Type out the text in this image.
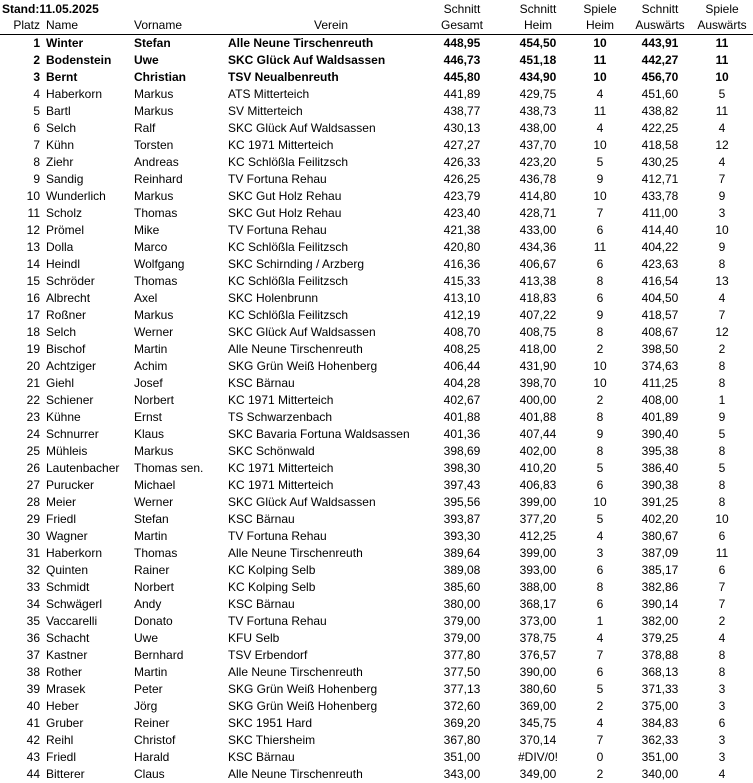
Stand:11.05.2025	Schnitt	Schnitt	Spiele	Schnitt	Spiele
Platz Name	Vorname	Verein	Gesamt	Heim	Heim	Auswärts	Auswärts
1 Winter	Stefan	Alle Neune Tirschenreuth	448,95	454,50	10	443,91	11
2 Bodenstein	Uwe	SKC Glück Auf Waldsassen	446,73	451,18	11	442,27	11
3 Bernt	Christian	TSV Neualbenreuth	445,80	434,90	10	456,70	10
4 Haberkorn	Markus	ATS Mitterteich	441,89	429,75	4	451,60	5
5 Bartl	Markus	SV Mitterteich	438,77	438,73	11	438,82	11
6 Selch	Ralf	SKC Glück Auf Waldsassen	430,13	438,00	4	422,25	4
7 Kühn	Torsten	KC 1971 Mitterteich	427,27	437,70	10	418,58	12
8 Ziehr	Andreas	KC Schlößla Feilitzsch	426,33	423,20	5	430,25	4
9 Sandig	Reinhard	TV Fortuna Rehau	426,25	436,78	9	412,71	7
10 Wunderlich	Markus	SKC Gut Holz Rehau	423,79	414,80	10	433,78	9
11 Scholz	Thomas	SKC Gut Holz Rehau	423,40	428,71	7	411,00	3
12 Prömel	Mike	TV Fortuna Rehau	421,38	433,00	6	414,40	10
13 Dolla	Marco	KC Schlößla Feilitzsch	420,80	434,36	11	404,22	9
14 Heindl	Wolfgang	SKC Schirnding / Arzberg	416,36	406,67	6	423,63	8
15 Schröder	Thomas	KC Schlößla Feilitzsch	415,33	413,38	8	416,54	13
16 Albrecht	Axel	SKC Holenbrunn	413,10	418,83	6	404,50	4
17 Roßner	Markus	KC Schlößla Feilitzsch	412,19	407,22	9	418,57	7
18 Selch	Werner	SKC Glück Auf Waldsassen	408,70	408,75	8	408,67	12
19 Bischof	Martin	Alle Neune Tirschenreuth	408,25	418,00	2	398,50	2
20 Achtziger	Achim	SKG Grün Weiß Hohenberg	406,44	431,90	10	374,63	8
21 Giehl	Josef	KSC Bärnau	404,28	398,70	10	411,25	8
22 Schiener	Norbert	KC 1971 Mitterteich	402,67	400,00	2	408,00	1
23 Kühne	Ernst	TS Schwarzenbach	401,88	401,88	8	401,89	9
24 Schnurrer	Klaus	SKC Bavaria Fortuna Waldsassen	401,36	407,44	9	390,40	5
25 Mühleis	Markus	SKC Schönwald	398,69	402,00	8	395,38	8
26 Lautenbacher	Thomas sen.	KC 1971 Mitterteich	398,30	410,20	5	386,40	5
27 Purucker	Michael	KC 1971 Mitterteich	397,43	406,83	6	390,38	8
28 Meier	Werner	SKC Glück Auf Waldsassen	395,56	399,00	10	391,25	8
29 Friedl	Stefan	KSC Bärnau	393,87	377,20	5	402,20	10
30 Wagner	Martin	TV Fortuna Rehau	393,30	412,25	4	380,67	6
31 Haberkorn	Thomas	Alle Neune Tirschenreuth	389,64	399,00	3	387,09	11
32 Quinten	Rainer	KC Kolping Selb	389,08	393,00	6	385,17	6
33 Schmidt	Norbert	KC Kolping Selb	385,60	388,00	8	382,86	7
34 Schwägerl	Andy	KSC Bärnau	380,00	368,17	6	390,14	7
35 Vaccarelli	Donato	TV Fortuna Rehau	379,00	373,00	1	382,00	2
36 Schacht	Uwe	KFU Selb	379,00	378,75	4	379,25	4
37 Kastner	Bernhard	TSV Erbendorf	377,80	376,57	7	378,88	8
38 Rother	Martin	Alle Neune Tirschenreuth	377,50	390,00	6	368,13	8
39 Mrasek	Peter	SKG Grün Weiß Hohenberg	377,13	380,60	5	371,33	3
40 Heber	Jörg	SKG Grün Weiß Hohenberg	372,60	369,00	2	375,00	3
41 Gruber	Reiner	SKC 1951 Hard	369,20	345,75	4	384,83	6
42 Reihl	Christof	SKC Thiersheim	367,80	370,14	7	362,33	3
43 Friedl	Harald	KSC Bärnau	351,00	#DIV/0!	0	351,00	3
44 Bitterer	Claus	Alle Neune Tirschenreuth	343,00	349,00	2	340,00	4
